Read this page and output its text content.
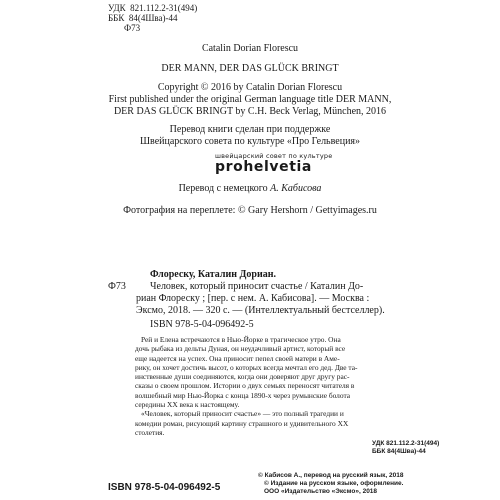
УДК 821.112.2-31(494)
ББК 84(4Шва)-44
Ф73
Catalin Dorian Florescu
DER MANN, DER DAS GLÜCK BRINGT
Copyright © 2016 by Catalin Dorian Florescu
First published under the original German language title DER MANN,
DER DAS GLÜCK BRINGT by C.H. Beck Verlag, München, 2016
Перевод книги сделан при поддержке
Швейцарского совета по культуре «Про Гельвеция»
швейцарский совет по культуре
prohelvetia
Перевод с немецкого А. Кабисова
Фотография на переплете: © Gary Hershorn / Gettyimages.ru
Флореску, Каталин Дориан.
Ф73 Человек, который приносит счастье / Каталин До-
риан Флореску ; [пер. с нем. А. Кабисова]. — Москва :
Эксмо, 2018. — 320 с. — (Интеллектуальный бестселлер).
ISBN 978-5-04-096492-5
Рей и Елена встречаются в Нью-Йорке в трагическое утро. Она
дочь рыбака из дельты Дуная, он неудачливый артист, который все
еще надеется на успех. Она приносит пепел своей матери в Аме-
рику, он хочет достичь высот, о которых всегда мечтал его дед. Две та-
инственные души соединяются, когда они доверяют друг другу рас-
сказы о своем прошлом. Истории о двух семьях переносят читателя в
волшебный мир Нью-Йорка с конца 1890-х через румынские болота
середины XX века к настоящему.
«Человек, который приносит счастье» — это полный трагедии и
комедии роман, рисующий картину страшного и удивительного XX
столетия.
УДК 821.112.2-31(494)
ББК 84(4Шва)-44
ISBN 978-5-04-096492-5
© Кабисов А., перевод на русский язык, 2018
© Издание на русском языке, оформление.
ООО «Издательство «Эксмо», 2018
